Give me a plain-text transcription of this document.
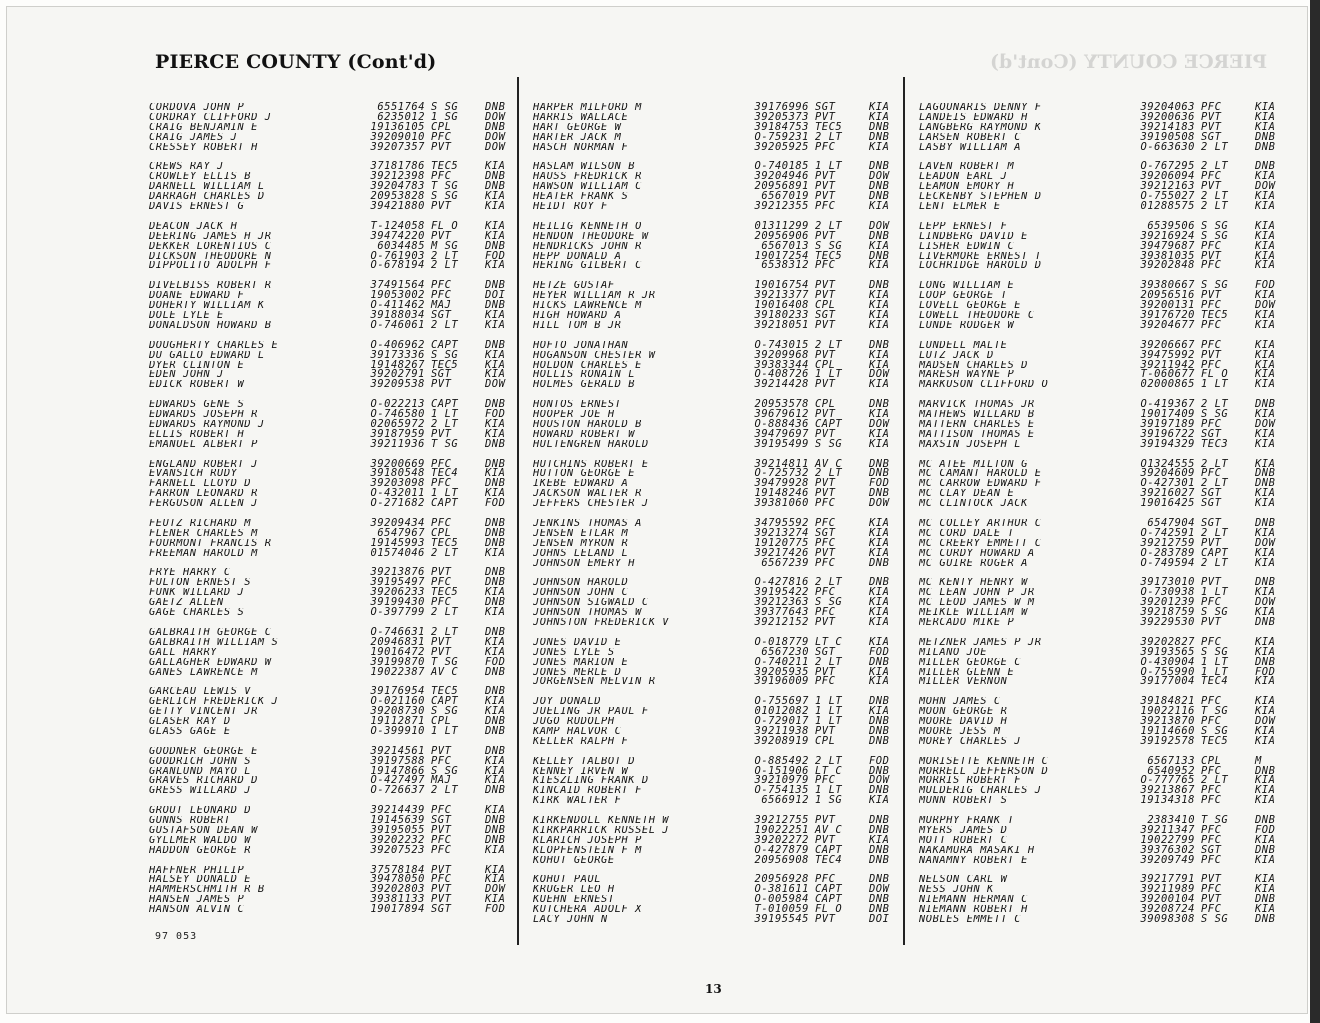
PIERCE COUNTY (Cont'd)	PIERCE COUNTY (Cont'd)
CORDOVA JOHN P	6551764 S SG	DNB
CORDRAY CLIFFORD J	6235012 1 SG	DOW
CRAIG BENJAMIN E	19136105 CPL	DNB
CRAIG JAMES J	39209010 PFC	DOW
CRESSEY ROBERT H	39207357 PVT	DOW
CREWS RAY J	37181786 TEC5	KIA
CROWLEY ELLIS B	39212398 PFC	DNB
DARNELL WILLIAM L	39204783 T SG	DNB
DARRAGH CHARLES D	20953828 S SG	KIA
DAVIS ERNEST G	39421880 PVT	KIA
DEACON JACK H	T-124058 FL O	KIA
DEERING JAMES H JR	39474220 PVT	KIA
DEKKER LORENTIUS C	6034485 M SG	DNB
DICKSON THEODORE N	O-761903 2 LT	FOD
DIPPOLITO ADOLPH F	O-678194 2 LT	KIA
DIVELBISS ROBERT R	37491564 PFC	DNB
DOANE EDWARD F	19053002 PFC	DOI
DOHERTY WILLIAM K	O-411462 MAJ	DNB
DOLE LYLE E	39188034 SGT	KIA
DONALDSON HOWARD B	O-746061 2 LT	KIA
DOUGHERTY CHARLES E	O-406962 CAPT	DNB
DU GALLO EDWARD L	39173336 S SG	KIA
DYER CLINTON E	19148267 TEC5	KIA
EDEN JOHN J	39202791 SGT	KIA
EDICK ROBERT W	39209538 PVT	DOW
EDWARDS GENE S	O-022213 CAPT	DNB
EDWARDS JOSEPH R	O-746580 1 LT	FOD
EDWARDS RAYMOND J	02065972 2 LT	KIA
ELLIS ROBERT H	39187959 PVT	KIA
EMANUEL ALBERT P	39211936 T SG	DNB
ENGLAND ROBERT J	39200669 PFC	DNB
EVANSICH RUDY	39180548 TEC4	KIA
FARNELL LLOYD D	39203098 PFC	DNB
FARRON LEONARD R	O-432011 1 LT	KIA
FERGUSON ALLEN J	O-271682 CAPT	FOD
FEUTZ RICHARD M	39209434 PFC	DNB
FLENER CHARLES M	6547967 CPL	DNB
FOURMONT FRANCIS R	19145993 TEC5	DNB
FREEMAN HAROLD M	01574046 2 LT	KIA
FRYE HARRY C	39213876 PVT	DNB
FULTON ERNEST S	39195497 PFC	DNB
FUNK WILLARD J	39206233 TEC5	KIA
GAETZ ALLEN	39199430 PFC	DNB
GAGE CHARLES S	O-397799 2 LT	KIA
GALBRAITH GEORGE C	O-746631 2 LT	DNB
GALBRAITH WILLIAM S	20946831 PVT	KIA
GALL HARRY	19016472 PVT	KIA
GALLAGHER EDWARD W	39199870 T SG	FOD
GANES LAWRENCE M	19022387 AV C	DNB
GARCEAU LEWIS V	39176954 TEC5	DNB
GERLICH FREDERICK J	O-021160 CAPT	KIA
GETTY VINCENT JR	39208730 S SG	KIA
GLASER RAY D	19112871 CPL	DNB
GLASS GAGE E	O-399910 1 LT	DNB
GOODNER GEORGE E	39214561 PVT	DNB
GOODRICH JOHN S	39197588 PFC	KIA
GRANLUND MAYO L	19147866 S SG	KIA
GRAVES RICHARD D	O-427497 MAJ	KIA
GRESS WILLARD J	O-726637 2 LT	DNB
GROUT LEONARD D	39214439 PFC	KIA
GUNNS ROBERT	19145639 SGT	DNB
GUSTAFSON DEAN W	39195055 PVT	DNB
GYLLMER WALDO W	39202232 PFC	DNB
HADDON GEORGE R	39207523 PFC	KIA
HAFFNER PHILIP	37578184 PVT	KIA
HALSEY DONALD E	39478050 PFC	KIA
HAMMERSCHMITH R B	39202803 PVT	DOW
HANSEN JAMES P	39381133 PVT	KIA
HANSON ALVIN C	19017894 SGT	FOD
HARPER MILFORD M	39176996 SGT	KIA
HARRIS WALLACE	39205373 PVT	KIA
HART GEORGE W	39184753 TEC5	DNB
HARTER JACK M	O-759231 2 LT	DNB
HASCH NORMAN F	39205925 PFC	KIA
HASLAM WILSON B	O-740185 1 LT	DNB
HAUSS FREDRICK R	39204946 PVT	DOW
HAWSON WILLIAM C	20956891 PVT	DNB
HEATER FRANK S	6567019 PVT	DNB
HEIDT ROY F	39212355 PFC	KIA
HEILIG KENNETH O	01311299 2 LT	DOW
HENDON THEODORE W	20956906 PVT	DNB
HENDRICKS JOHN R	6567013 S SG	KIA
HEPP DONALD A	19017254 TEC5	DNB
HERING GILBERT C	6538312 PFC	KIA
HETZE GUSTAF	19016754 PVT	DNB
HEYER WILLIAM R JR	39213377 PVT	KIA
HICKS LAWRENCE M	19016408 CPL	KIA
HIGH HOWARD A	39180233 SGT	KIA
HILL TOM B JR	39218051 PVT	KIA
HOFTO JONATHAN	O-743015 2 LT	DNB
HOGANSON CHESTER W	39209968 PVT	KIA
HOLDON CHARLES E	39383344 CPL	KIA
HOLLIS RONAIN L	O-408726 1 LT	DOW
HOLMES GERALD B	39214428 PVT	KIA
HONTOS ERNEST	20953578 CPL	DNB
HOOPER JOE H	39679612 PVT	KIA
HOUSTON HAROLD B	O-888436 CAPT	DOW
HOWARD ROBERT W	39479697 PVT	KIA
HULTENGREN HAROLD	39195499 S SG	KIA
HUTCHINS ROBERT E	39214811 AV C	DNB
HUTTON GEORGE E	O-725732 2 LT	DNB
IKEBE EDWARD A	39479928 PVT	FOD
JACKSON WALTER R	19148246 PVT	DNB
JEFFERS CHESTER J	39381060 PFC	DOW
JENKINS THOMAS A	34795592 PFC	KIA
JENSEN ETLAR M	39213274 SGT	KIA
JENSEN MYRON R	19120775 PFC	KIA
JOHNS LELAND L	39217426 PVT	KIA
JOHNSON EMERY H	6567239 PFC	DNB
JOHNSON HAROLD	O-427816 2 LT	DNB
JOHNSON JOHN C	39195422 PFC	KIA
JOHNSON SIGWALD C	39212363 S SG	KIA
JOHNSON THOMAS W	39377643 PFC	KIA
JOHNSTON FREDERICK V	39212152 PVT	KIA
JONES DAVID E	O-018779 LT C	KIA
JONES LYLE S	6567230 SGT	FOD
JONES MARION E	O-740211 2 LT	DNB
JONES MERLE D	39205935 PVT	KIA
JORGENSEN MELVIN R	39196009 PFC	KIA
JOY DONALD	O-755697 1 LT	DNB
JUELING JR PAUL F	01012082 1 LT	KIA
JUGO RUDOLPH	O-729017 1 LT	DNB
KAMP HALVOR C	39211938 PVT	DNB
KELLER RALPH F	39208919 CPL	DNB
KELLEY TALBOT D	O-885492 2 LT	FOD
KENNEY IRVEN W	O-151906 LT C	DNB
KIESZLING FRANK D	39210979 PFC	DOW
KINCAID ROBERT F	O-754135 1 LT	DNB
KIRK WALTER F	6566912 1 SG	KIA
KIRKENDOLL KENNETH W	39212755 PVT	DNB
KIRKPARRICK RUSSEL J	19022251 AV C	DNB
KLARICH JOSEPH P	39202272 PVT	KIA
KLOPFENSTEIN F M	O-427879 CAPT	DNB
KOHUT GEORGE	20956908 TEC4	DNB
KOHUT PAUL	20956928 PFC	DNB
KRUGER LEO H	O-381611 CAPT	DOW
KUEHN ERNEST	O-005984 CAPT	DNB
KUTCHERA ADOLF X	T-010059 FL O	DNB
LACY JOHN N	39195545 PVT	DOI
LAGOUNARIS DENNY F	39204063 PFC	KIA
LANDEIS EDWARD H	39200636 PVT	KIA
LANGBERG RAYMOND K	39214183 PVT	KIA
LARSEN ROBERT C	39190508 SGT	DNB
LASBY WILLIAM A	O-663630 2 LT	DNB
LAVEN ROBERT M	O-767295 2 LT	DNB
LEADON EARL J	39206094 PFC	KIA
LEAMON EMORY H	39212163 PVT	DOW
LECKENBY STEPHEN D	O-755027 2 LT	KIA
LENT ELMER E	01288575 2 LT	KIA
LEPP ERNEST F	6539506 S SG	KIA
LINDBERG DAVID E	39216924 S SG	KIA
LISHER EDWIN C	39479687 PFC	KIA
LIVERMORE ERNEST T	39381035 PVT	KIA
LOCHRIDGE HAROLD D	39202848 PFC	KIA
LONG WILLIAM E	39380667 S SG	FOD
LOOP GEORGE T	20956516 PVT	KIA
LOVELL GEORGE E	39200131 PFC	DOW
LOWELL THEODORE C	39176720 TEC5	KIA
LUNDE RODGER W	39204677 PFC	KIA
LUNDELL MALTE	39206667 PFC	KIA
LUTZ JACK D	39475992 PVT	KIA
MADSEN CHARLES D	39211942 PFC	KIA
MARESH WAYNE P	T-060677 FL O	KIA
MARKUSON CLIFFORD O	02000865 1 LT	KIA
MARVICK THOMAS JR	O-419367 2 LT	DNB
MATHEWS WILLARD B	19017409 S SG	KIA
MATTERN CHARLES E	39197189 PFC	DOW
MATTISON THOMAS E	39196722 SGT	KIA
MAXSIN JOSEPH L	39194329 TEC3	KIA
MC ATEE MILTON G	O1324555 2 LT	KIA
MC CAMANT HAROLD E	39204609 PFC	DNB
MC CARROW EDWARD F	O-427301 2 LT	DNB
MC CLAY DEAN E	39216027 SGT	KIA
MC CLINTOCK JACK	19016425 SGT	KIA
MC COLLEY ARTHUR C	6547904 SGT	DNB
MC CORD DALE T	O-742591 2 LT	KIA
MC CREERY EMMETT C	39212759 PVT	DOW
MC CURDY HOWARD A	O-283789 CAPT	KIA
MC GUIRE ROGER A	O-749594 2 LT	KIA
MC KENTY HENRY W	39173010 PVT	DNB
MC LEAN JOHN P JR	O-730938 1 LT	KIA
MC LEOD JAMES W M	39201239 PFC	DOW
MEIKLE WILLIAM W	39218759 S SG	KIA
MERCADO MIKE P	39229530 PVT	DNB
METZNER JAMES P JR	39202827 PFC	KIA
MILANO JOE	39193565 S SG	KIA
MILLER GEORGE C	O-430904 1 LT	DNB
MILLER GLENN E	O-755990 1 LT	FOD
MILLER VERNON	39177004 TEC4	KIA
MOHN JAMES C	39184821 PFC	KIA
MOON GEORGE R	19022116 T SG	KIA
MOORE DAVID H	39213870 PFC	DOW
MOORE JESS M	19114660 S SG	KIA
MOREY CHARLES J	39192578 TEC5	KIA
MORISETTE KENNETH C	6567133 CPL	M
MORRELL JEFFERSON D	6540952 PFC	DNB
MORRIS ROBERT F	O-777765 2 LT	KIA
MULDERIG CHARLES J	39213867 PFC	KIA
MUNN ROBERT S	19134318 PFC	KIA
MURPHY FRANK T	2383410 T SG	DNB
MYERS JAMES D	39211347 PFC	FOD
MOTT ROBERT C	19022799 PFC	KIA
NAKAMURA MASAKI H	39376302 SGT	DNB
NANAMNY ROBERT E	39209749 PFC	KIA
NELSON CARL W	39217791 PVT	KIA
NESS JOHN K	39211989 PFC	KIA
NIEMANN HERMAN C	39200104 PVT	DNB
NIEMANN ROBERT H	39208724 PFC	KIA
NOBLES EMMETT C	39098308 S SG	DNB
97 053
13
